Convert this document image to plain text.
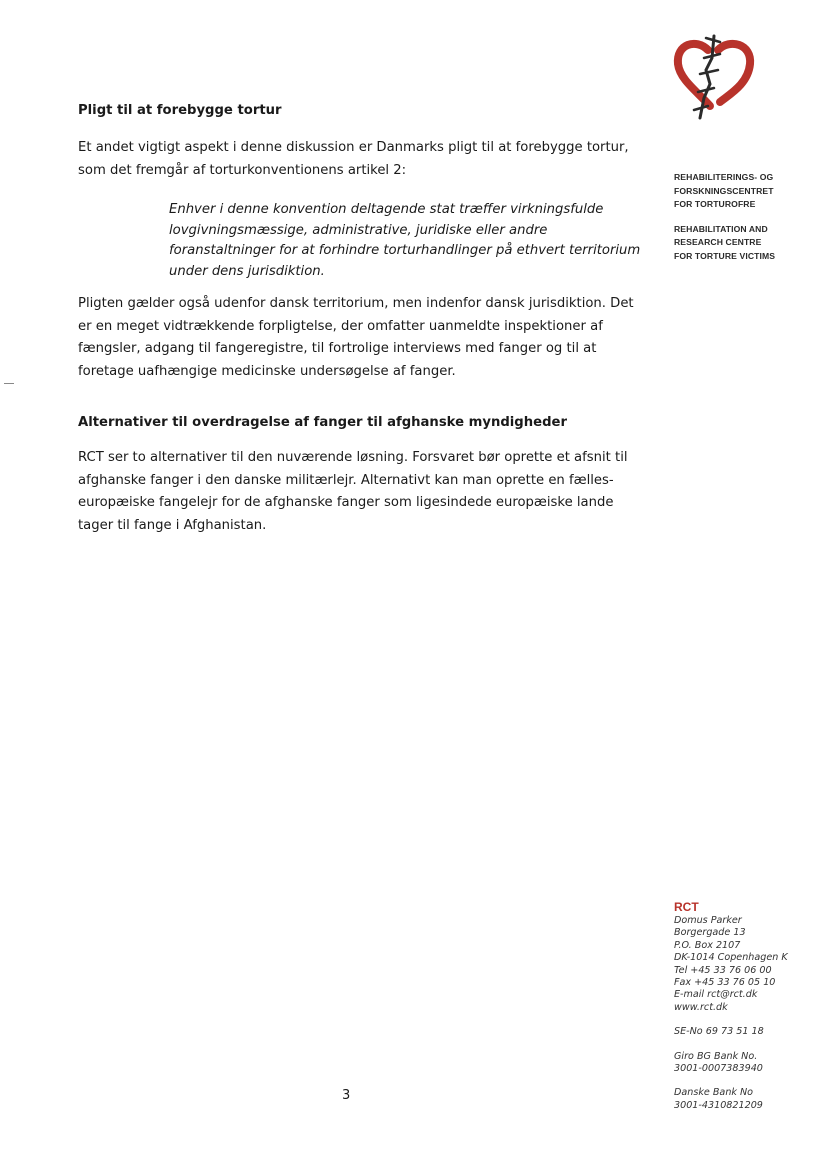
REHABILITERINGS- OG
FORSKNINGSCENTRET
FOR TORTUROFRE
REHABILITATION AND
RESEARCH CENTRE
FOR TORTURE VICTIMS

Pligt til at forebygge tortur

Et andet vigtigt aspekt i denne diskussion er Danmarks pligt til at forebygge tortur,
som det fremgår af torturkonventionens artikel 2:

Enhver i denne konvention deltagende stat træffer virkningsfulde
lovgivningsmæssige, administrative, juridiske eller andre
foranstaltninger for at forhindre torturhandlinger på ethvert territorium
under dens jurisdiktion.

Pligten gælder også udenfor dansk territorium, men indenfor dansk jurisdiktion. Det
er en meget vidtrækkende forpligtelse, der omfatter uanmeldte inspektioner af
fængsler, adgang til fangeregistre, til fortrolige interviews med fanger og til at
foretage uafhængige medicinske undersøgelse af fanger.

Alternativer til overdragelse af fanger til afghanske myndigheder

RCT ser to alternativer til den nuværende løsning. Forsvaret bør oprette et afsnit til
afghanske fanger i den danske militærlejr. Alternativt kan man oprette en fælles-
europæiske fangelejr for de afghanske fanger som ligesindede europæiske lande
tager til fange i Afghanistan.

RCT
Domus Parker
Borgergade 13
P.O. Box 2107
DK-1014 Copenhagen K
Tel +45 33 76 06 00
Fax +45 33 76 05 10
E-mail rct@rct.dk
www.rct.dk
SE-No 69 73 51 18
Giro BG Bank No.
3001-0007383940
Danske Bank No
3001-4310821209
3
